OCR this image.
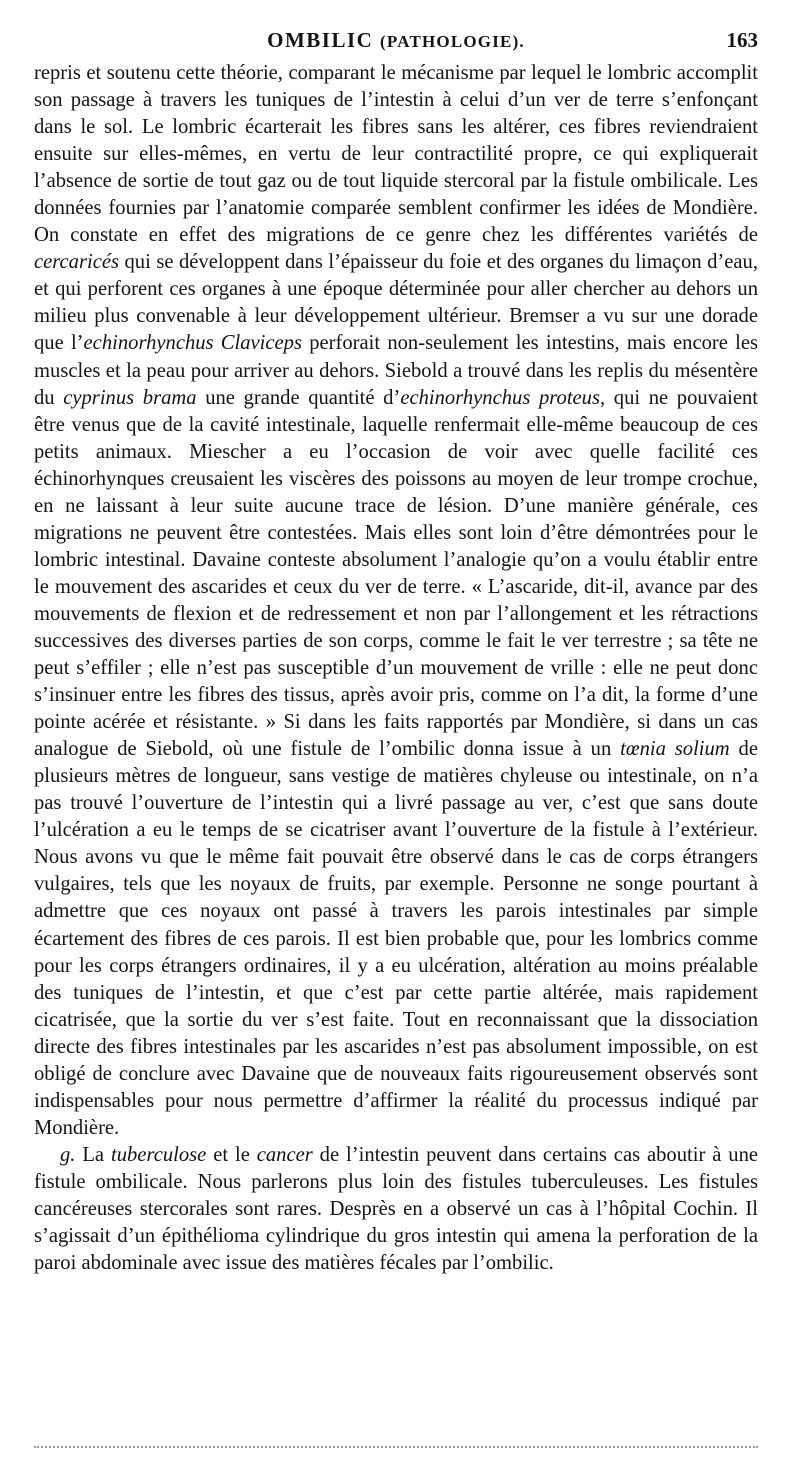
OMBILIC (PATHOLOGIE).	163

repris et soutenu cette théorie, comparant le mécanisme par lequel le lombric accomplit son passage à travers les tuniques de l’intestin à celui d’un ver de terre s’enfonçant dans le sol. Le lombric écarterait les fibres sans les altérer, ces fibres reviendraient ensuite sur elles-mêmes, en vertu de leur contractilité propre, ce qui expliquerait l’absence de sortie de tout gaz ou de tout liquide stercoral par la fistule ombilicale. Les données fournies par l’anatomie comparée semblent confirmer les idées de Mondière. On constate en effet des migrations de ce genre chez les différentes variétés de cercaricés qui se développent dans l’épaisseur du foie et des organes du limaçon d’eau, et qui perforent ces organes à une époque déterminée pour aller chercher au dehors un milieu plus convenable à leur développement ultérieur. Bremser a vu sur une dorade que l’echinorhynchus Claviceps perforait non-seulement les intestins, mais encore les muscles et la peau pour arriver au dehors. Siebold a trouvé dans les replis du mésentère du cyprinus brama une grande quantité d’echinorhynchus proteus, qui ne pouvaient être venus que de la cavité intestinale, laquelle renfermait elle-même beaucoup de ces petits animaux. Miescher a eu l’occasion de voir avec quelle facilité ces échinorhynques creusaient les viscères des poissons au moyen de leur trompe crochue, en ne laissant à leur suite aucune trace de lésion. D’une manière générale, ces migrations ne peuvent être contestées. Mais elles sont loin d’être démontrées pour le lombric intestinal. Davaine conteste absolument l’analogie qu’on a voulu établir entre le mouvement des ascarides et ceux du ver de terre. « L’ascaride, dit-il, avance par des mouvements de flexion et de redressement et non par l’allongement et les rétractions successives des diverses parties de son corps, comme le fait le ver terrestre ; sa tête ne peut s’effiler ; elle n’est pas susceptible d’un mouvement de vrille : elle ne peut donc s’insinuer entre les fibres des tissus, après avoir pris, comme on l’a dit, la forme d’une pointe acérée et résistante. » Si dans les faits rapportés par Mondière, si dans un cas analogue de Siebold, où une fistule de l’ombilic donna issue à un tœnia solium de plusieurs mètres de longueur, sans vestige de matières chyleuse ou intestinale, on n’a pas trouvé l’ouverture de l’intestin qui a livré passage au ver, c’est que sans doute l’ulcération a eu le temps de se cicatriser avant l’ouverture de la fistule à l’extérieur. Nous avons vu que le même fait pouvait être observé dans le cas de corps étrangers vulgaires, tels que les noyaux de fruits, par exemple. Personne ne songe pourtant à admettre que ces noyaux ont passé à travers les parois intestinales par simple écartement des fibres de ces parois. Il est bien probable que, pour les lombrics comme pour les corps étrangers ordinaires, il y a eu ulcération, altération au moins préalable des tuniques de l’intestin, et que c’est par cette partie altérée, mais rapidement cicatrisée, que la sortie du ver s’est faite. Tout en reconnaissant que la dissociation directe des fibres intestinales par les ascarides n’est pas absolument impossible, on est obligé de conclure avec Davaine que de nouveaux faits rigoureusement observés sont indispensables pour nous permettre d’affirmer la réalité du processus indiqué par Mondière.

g. La tuberculose et le cancer de l’intestin peuvent dans certains cas aboutir à une fistule ombilicale. Nous parlerons plus loin des fistules tuberculeuses. Les fistules cancéreuses stercorales sont rares. Desprès en a observé un cas à l’hôpital Cochin. Il s’agissait d’un épithélioma cylindrique du gros intestin qui amena la perforation de la paroi abdominale avec issue des matières fécales par l’ombilic.
